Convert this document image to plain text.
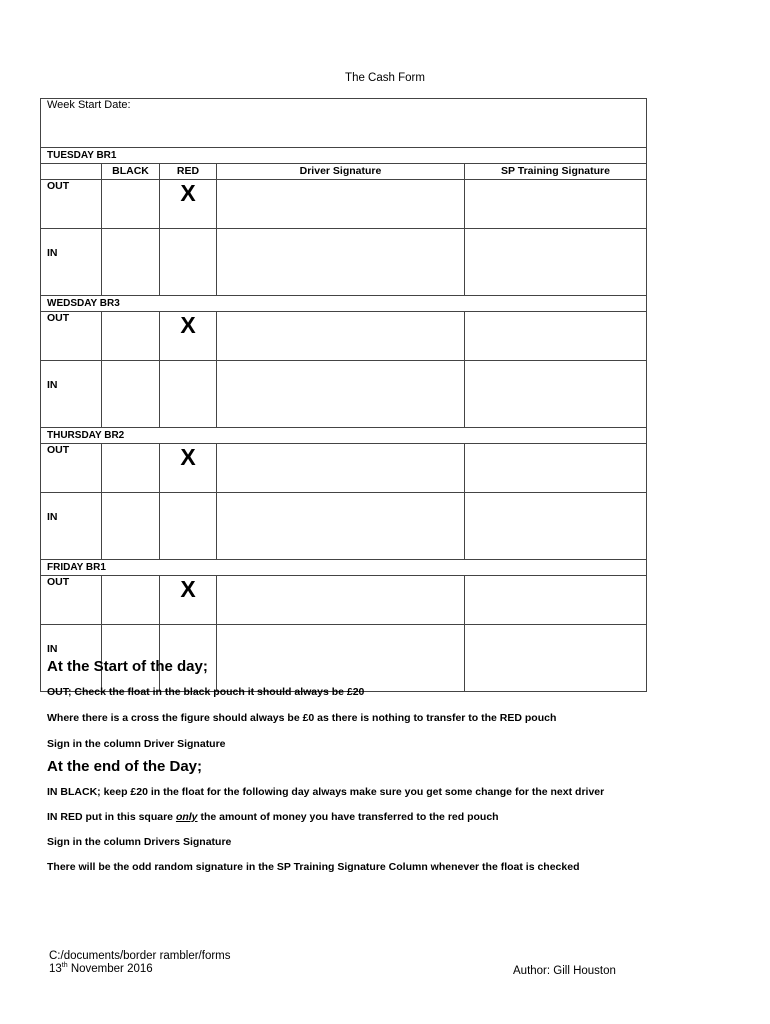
The Cash Form
Week Start Date:				
TUESDAY BR1				
	BLACK	RED	Driver Signature	SP Training Signature
OUT		X		
IN				
WEDSDAY BR3				
OUT		X		
IN				
THURSDAY BR2				
OUT		X		
IN				
FRIDAY BR1				
OUT		X		
IN				
At the Start of the day;

OUT; Check the float in the black pouch it should always be £20

Where there is a cross the figure should always be £0 as there is nothing to transfer to the RED pouch

Sign in the column Driver Signature

At the end of the Day;

IN BLACK; keep £20 in the float for the following day always make sure you get some change for the next driver

IN RED put in this square only the amount of money you have transferred to the red pouch

Sign in the column Drivers Signature

There will be the odd random signature in the SP Training Signature Column whenever the float is checked

C:/documents/border rambler/forms
13th November 2016	Author: Gill Houston
